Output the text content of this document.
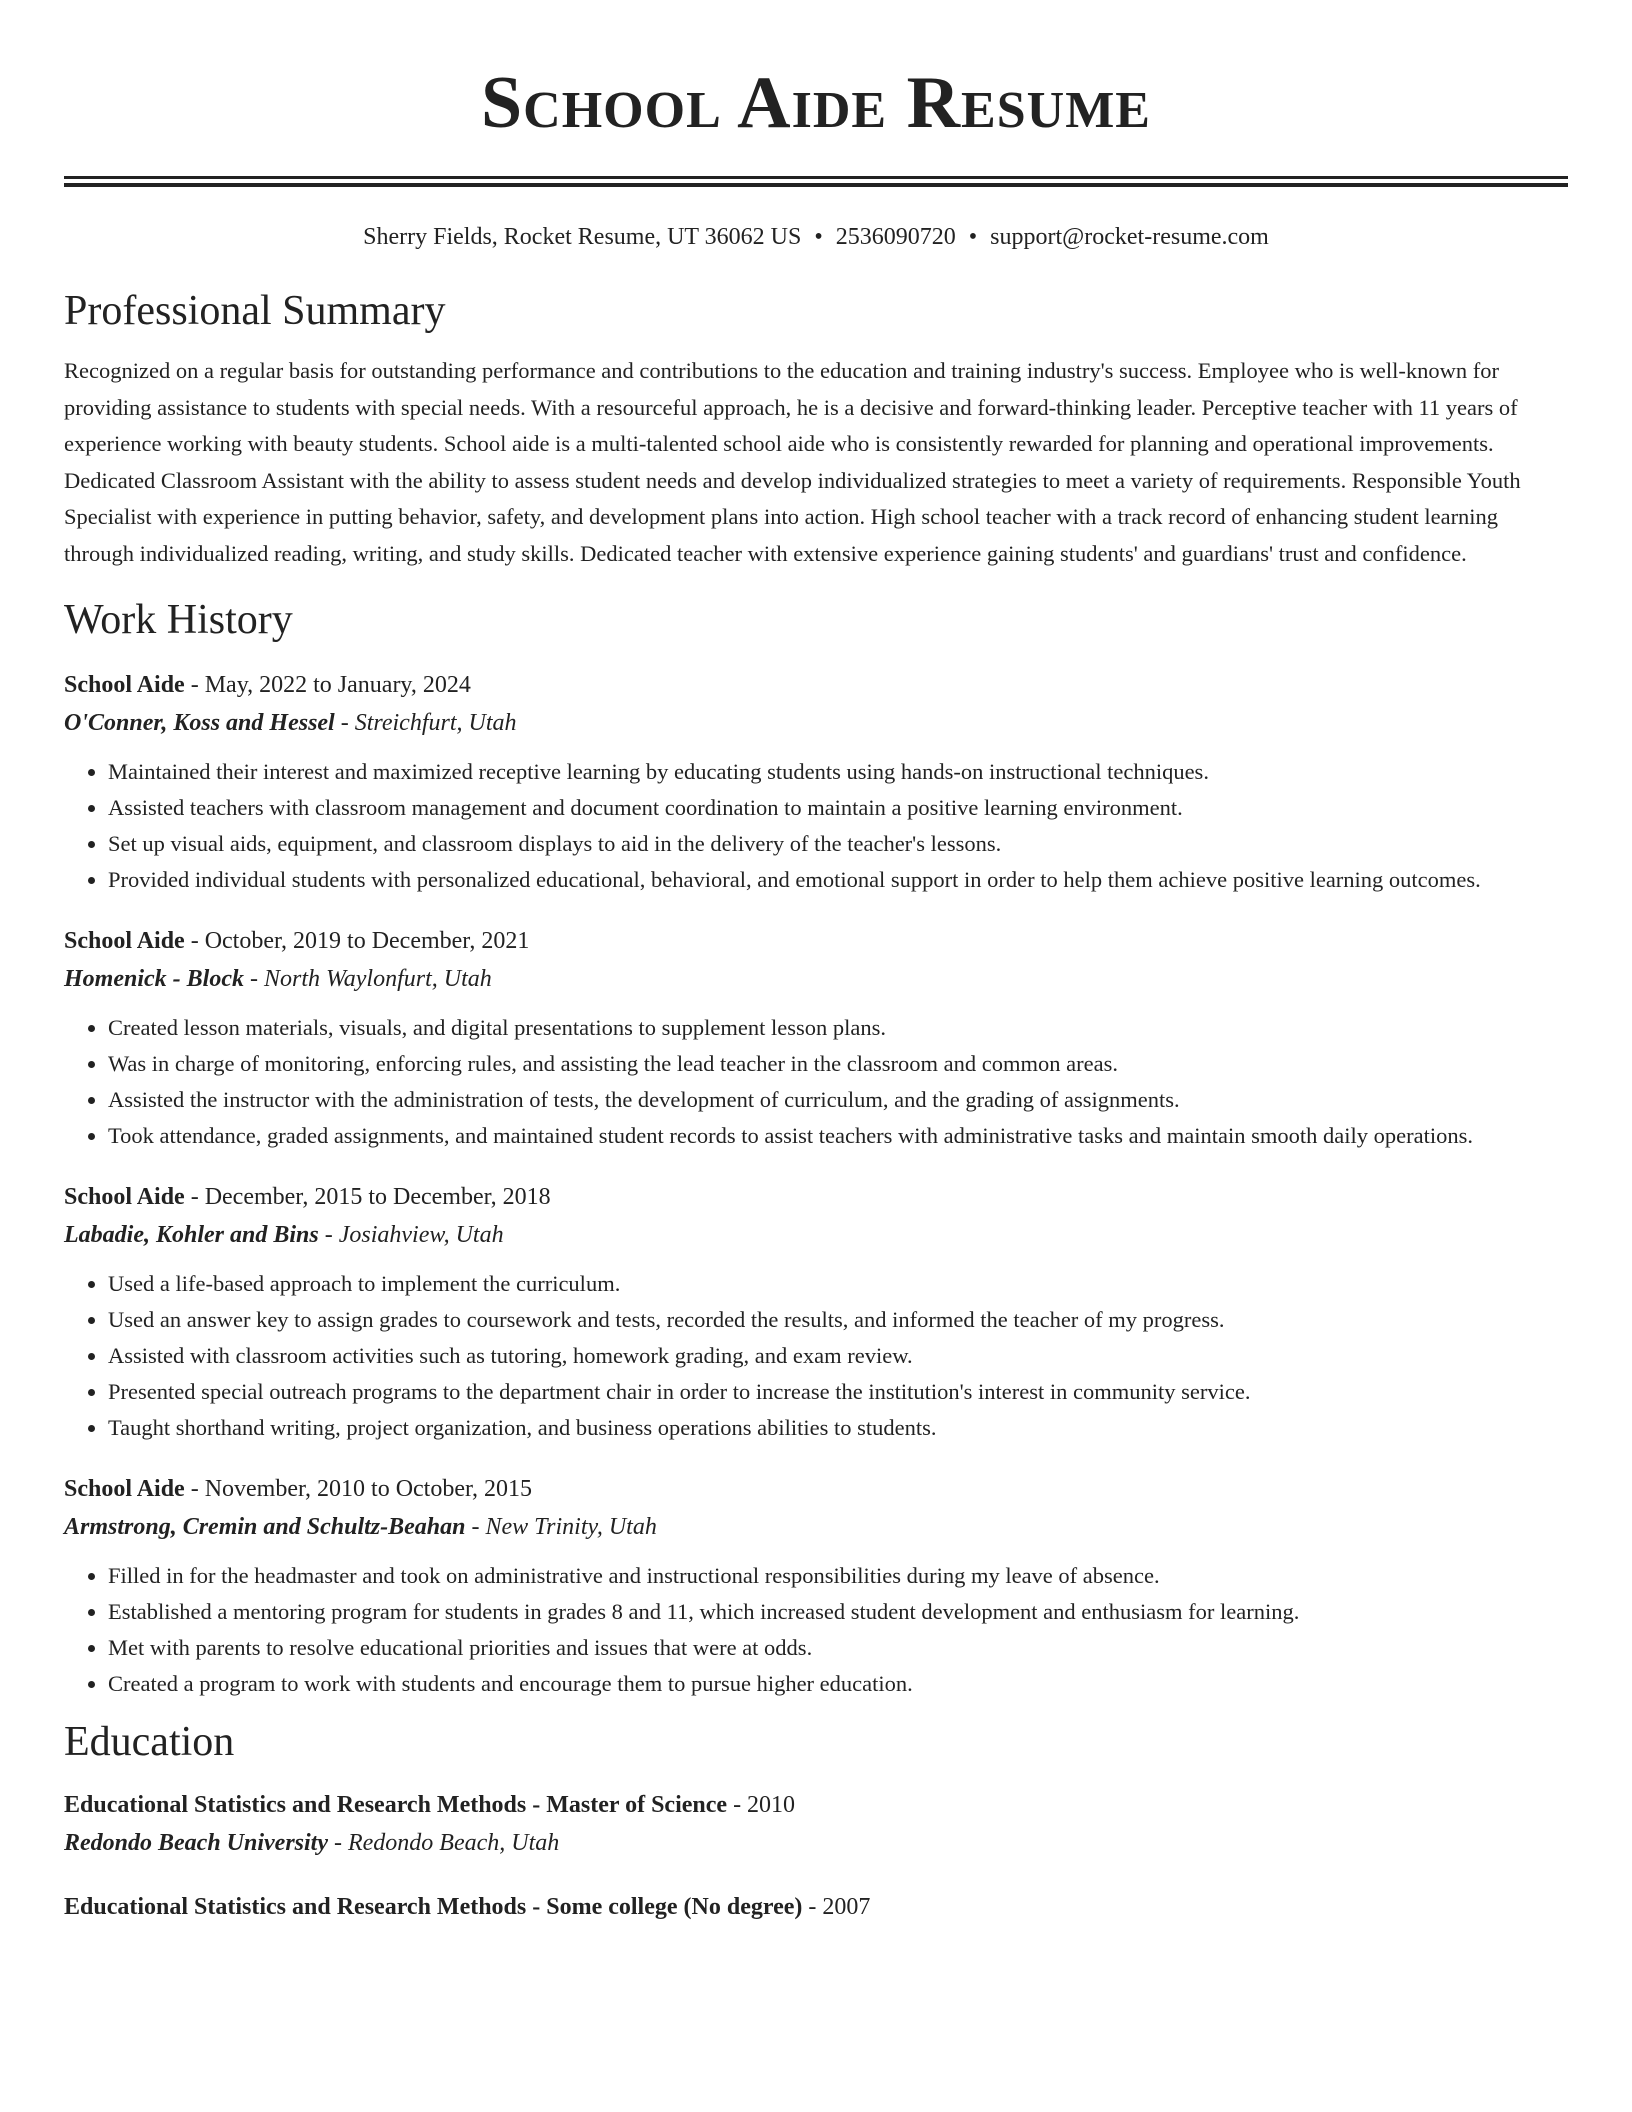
School Aide Resume
Sherry Fields, Rocket Resume, UT 36062 US • 2536090720 • support@rocket-resume.com
Professional Summary

Recognized on a regular basis for outstanding performance and contributions to the education and training industry's success. Employee who is well-known for providing assistance to students with special needs. With a resourceful approach, he is a decisive and forward-thinking leader. Perceptive teacher with 11 years of experience working with beauty students. School aide is a multi-talented school aide who is consistently rewarded for planning and operational improvements. Dedicated Classroom Assistant with the ability to assess student needs and develop individualized strategies to meet a variety of requirements. Responsible Youth Specialist with experience in putting behavior, safety, and development plans into action. High school teacher with a track record of enhancing student learning through individualized reading, writing, and study skills. Dedicated teacher with extensive experience gaining students' and guardians' trust and confidence.

Work History
School Aide - May, 2022 to January, 2024
O'Conner, Koss and Hessel - Streichfurt, Utah
• Maintained their interest and maximized receptive learning by educating students using hands-on instructional techniques.
• Assisted teachers with classroom management and document coordination to maintain a positive learning environment.
• Set up visual aids, equipment, and classroom displays to aid in the delivery of the teacher's lessons.
• Provided individual students with personalized educational, behavioral, and emotional support in order to help them achieve positive learning outcomes.
School Aide - October, 2019 to December, 2021
Homenick - Block - North Waylonfurt, Utah
• Created lesson materials, visuals, and digital presentations to supplement lesson plans.
• Was in charge of monitoring, enforcing rules, and assisting the lead teacher in the classroom and common areas.
• Assisted the instructor with the administration of tests, the development of curriculum, and the grading of assignments.
• Took attendance, graded assignments, and maintained student records to assist teachers with administrative tasks and maintain smooth daily operations.
School Aide - December, 2015 to December, 2018
Labadie, Kohler and Bins - Josiahview, Utah
• Used a life-based approach to implement the curriculum.
• Used an answer key to assign grades to coursework and tests, recorded the results, and informed the teacher of my progress.
• Assisted with classroom activities such as tutoring, homework grading, and exam review.
• Presented special outreach programs to the department chair in order to increase the institution's interest in community service.
• Taught shorthand writing, project organization, and business operations abilities to students.
School Aide - November, 2010 to October, 2015
Armstrong, Cremin and Schultz-Beahan - New Trinity, Utah
• Filled in for the headmaster and took on administrative and instructional responsibilities during my leave of absence.
• Established a mentoring program for students in grades 8 and 11, which increased student development and enthusiasm for learning.
• Met with parents to resolve educational priorities and issues that were at odds.
• Created a program to work with students and encourage them to pursue higher education.
Education
Educational Statistics and Research Methods - Master of Science - 2010
Redondo Beach University - Redondo Beach, Utah
Educational Statistics and Research Methods - Some college (No degree) - 2007
